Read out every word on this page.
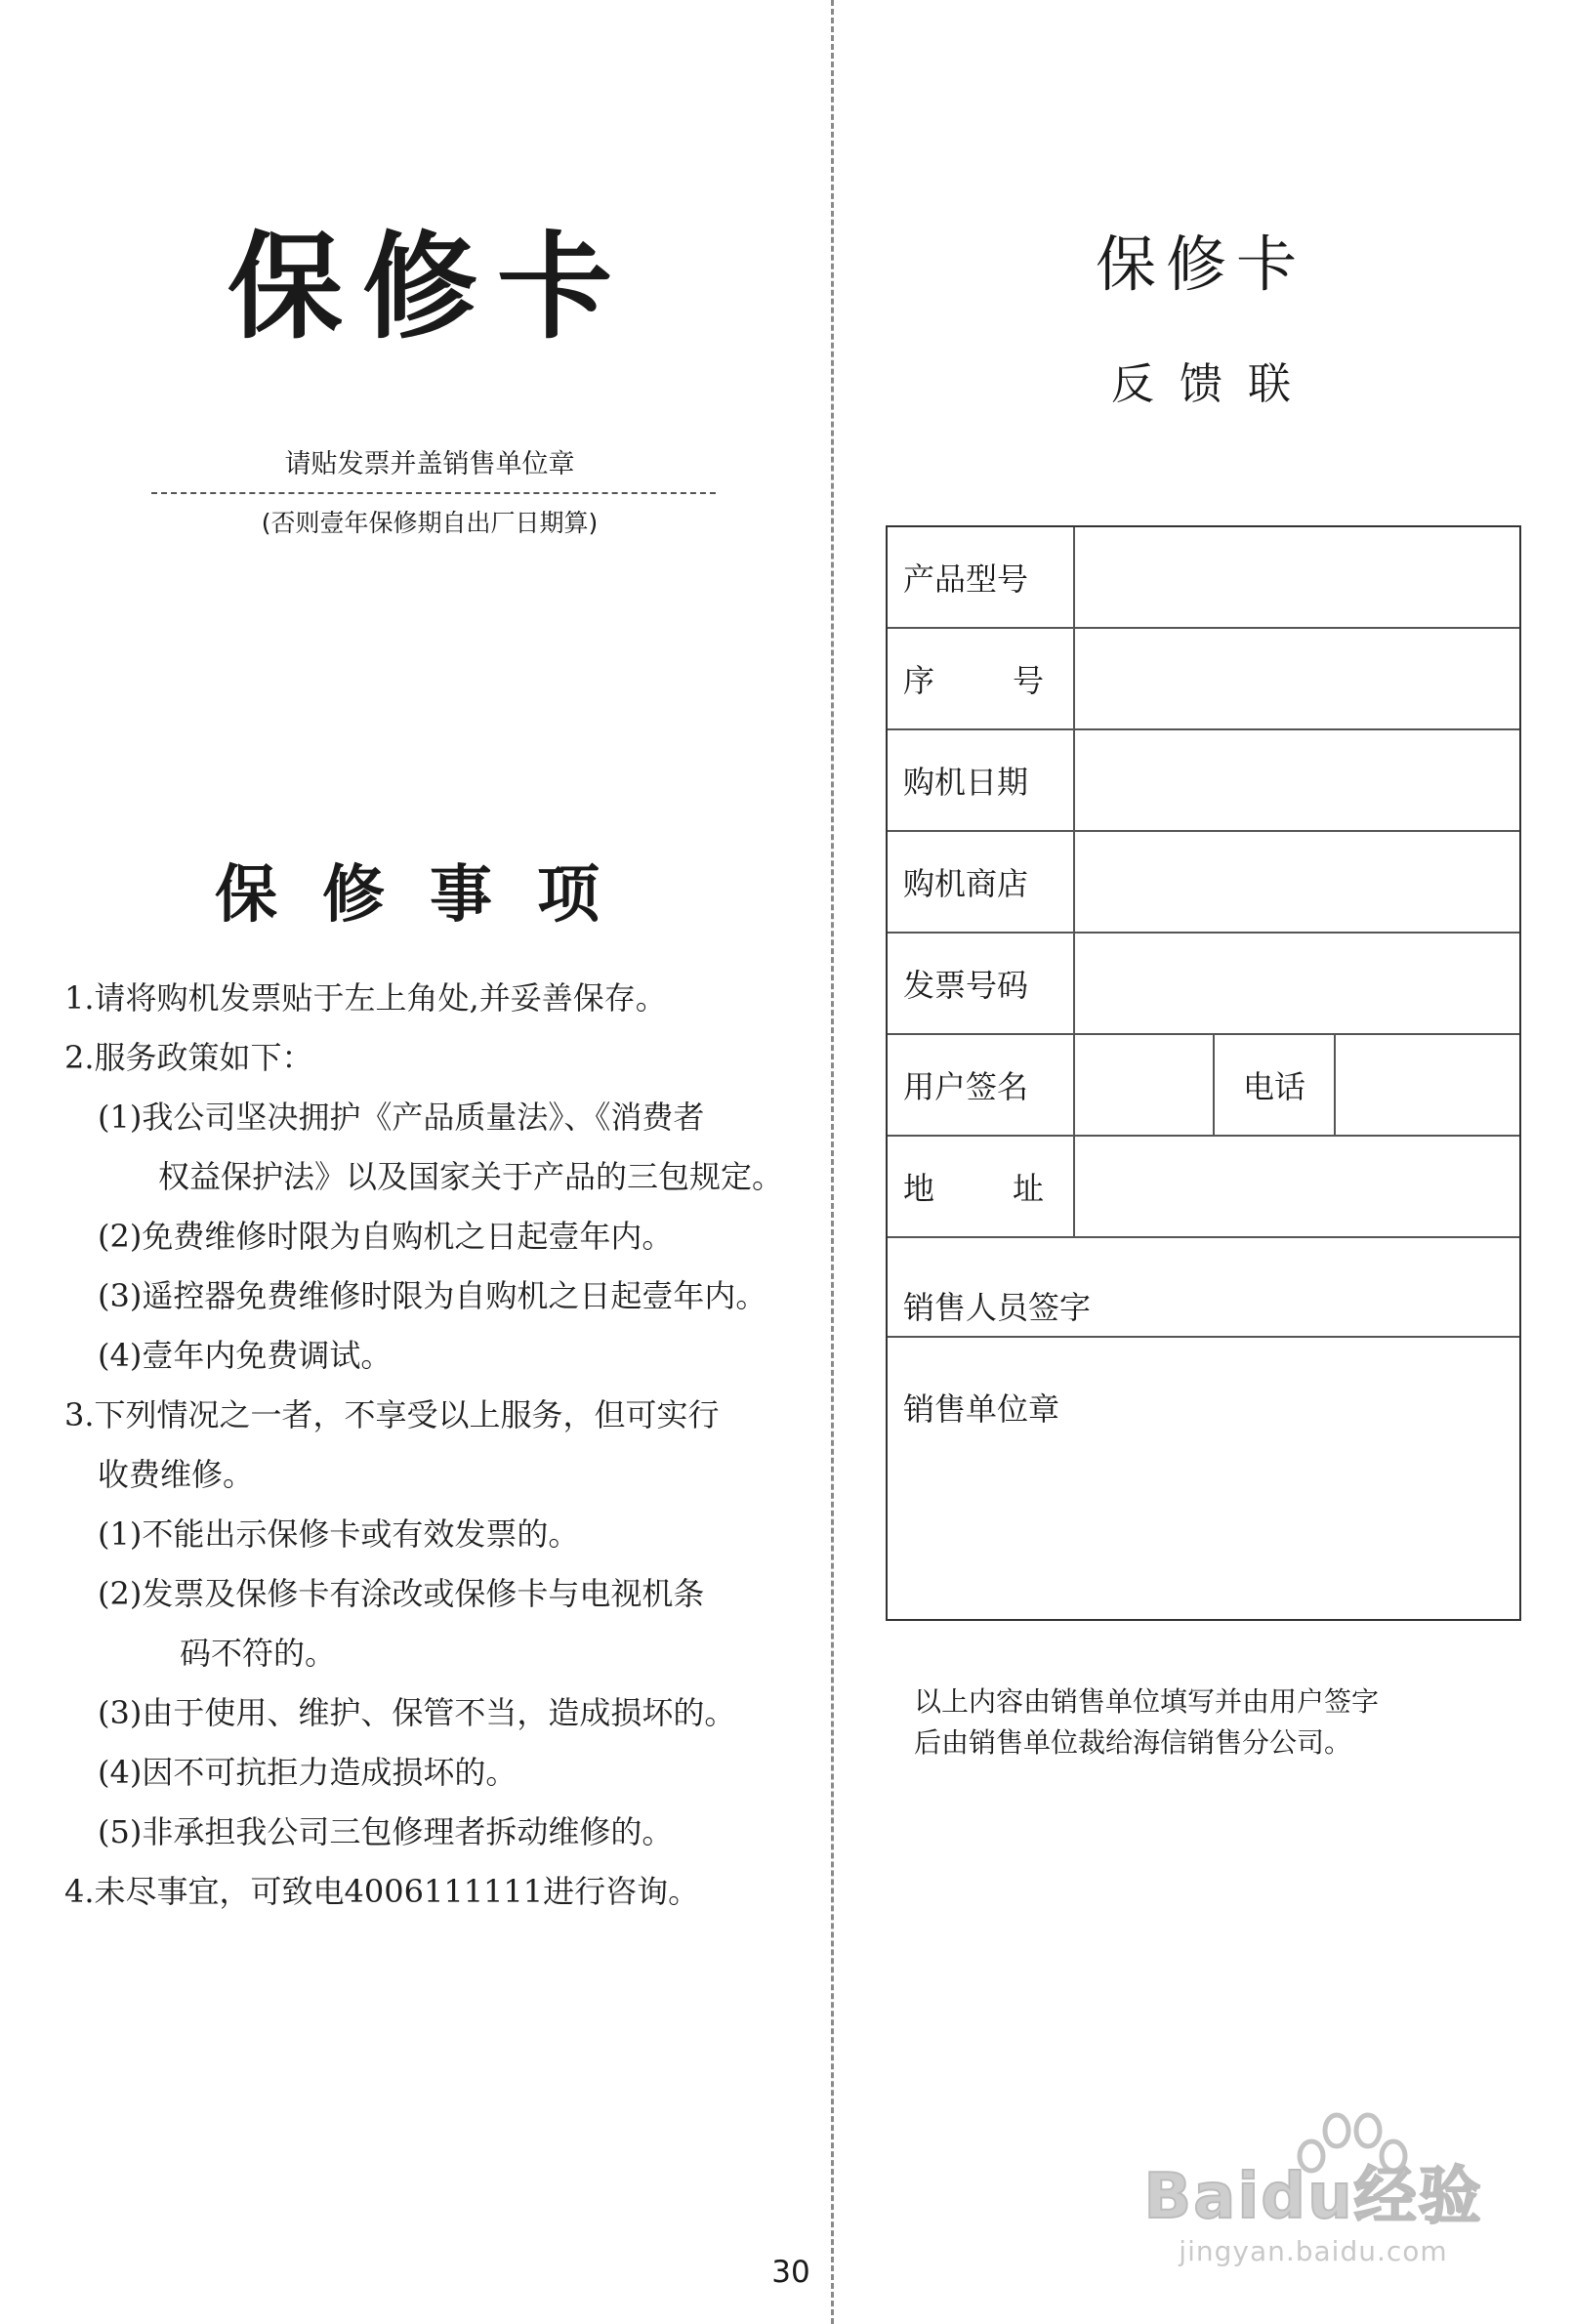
保修卡
请贴发票并盖销售单位章
(否则壹年保修期自出厂日期算)
保修事项
1.请将购机发票贴于左上角处,并妥善保存。
2.服务政策如下：
(1)我公司坚决拥护《产品质量法》、《消费者
权益保护法》以及国家关于产品的三包规定。
(2)免费维修时限为自购机之日起壹年内。
(3)遥控器免费维修时限为自购机之日起壹年内。
(4)壹年内免费调试。
3.下列情况之一者，不享受以上服务，但可实行
收费维修。
(1)不能出示保修卡或有效发票的。
(2)发票及保修卡有涂改或保修卡与电视机条
码不符的。
(3)由于使用、维护、保管不当，造成损坏的。
(4)因不可抗拒力造成损坏的。
(5)非承担我公司三包修理者拆动维修的。
4.未尽事宜，可致电4006111111进行咨询。
30
保修卡
反馈联
产品型号
序 号
购机日期
购机商店
发票号码
用户签名	电话
地 址
销售人员签字
销售单位章
以上内容由销售单位填写并由用户签字
后由销售单位裁给海信销售分公司。
Baidu经验
jingyan.baidu.com
